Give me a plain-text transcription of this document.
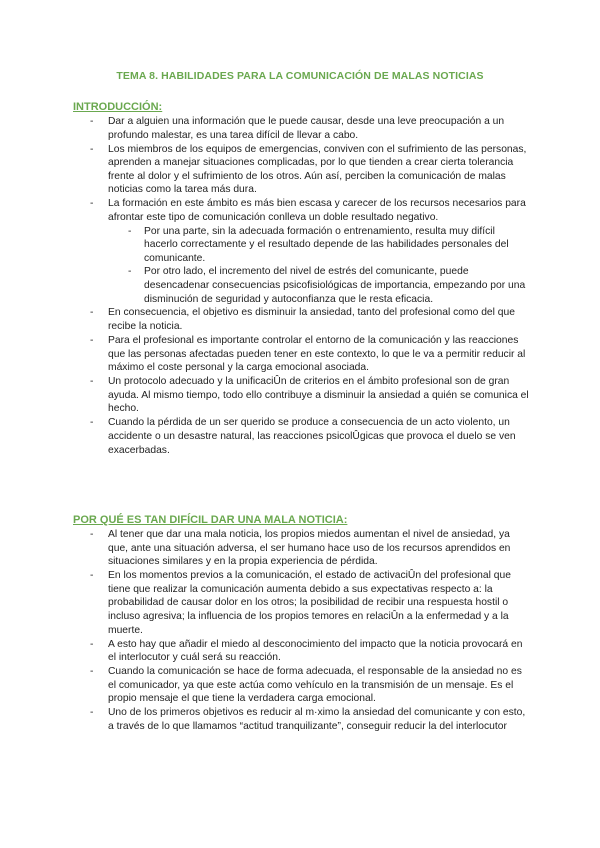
TEMA 8. HABILIDADES PARA LA COMUNICACIÓN DE MALAS NOTICIAS
INTRODUCCIÓN:
- Dar a alguien una información que le puede causar, desde una leve preocupación a un profundo malestar, es una tarea difícil de llevar a cabo.
- Los miembros de los equipos de emergencias, conviven con el sufrimiento de las personas, aprenden a manejar situaciones complicadas, por lo que tienden a crear cierta tolerancia frente al dolor y el sufrimiento de los otros. Aún así, perciben la comunicación de malas noticias como la tarea más dura.
- La formación en este ámbito es más bien escasa y carecer de los recursos necesarios para afrontar este tipo de comunicación conlleva un doble resultado negativo.
- Por una parte, sin la adecuada formación o entrenamiento, resulta muy difícil hacerlo correctamente y el resultado depende de las habilidades personales del comunicante.
- Por otro lado, el incremento del nivel de estrés del comunicante, puede desencadenar consecuencias psicofisiológicas de importancia, empezando por una disminución de seguridad y autoconfianza que le resta eficacia.
- En consecuencia, el objetivo es disminuir la ansiedad, tanto del profesional como del que recibe la noticia.
- Para el profesional es importante controlar el entorno de la comunicación y las reacciones que las personas afectadas pueden tener en este contexto, lo que le va a permitir reducir al máximo el coste personal y la carga emocional asociada.
- Un protocolo adecuado y la unificaciÛn de criterios en el ámbito profesional son de gran ayuda. Al mismo tiempo, todo ello contribuye a disminuir la ansiedad a quién se comunica el hecho.
- Cuando la pérdida de un ser querido se produce a consecuencia de un acto violento, un accidente o un desastre natural, las reacciones psicolÛgicas que provoca el duelo se ven exacerbadas.
POR QUÉ ES TAN DIFÍCIL DAR UNA MALA NOTICIA:
- Al tener que dar una mala noticia, los propios miedos aumentan el nivel de ansiedad, ya que, ante una situación adversa, el ser humano hace uso de los recursos aprendidos en situaciones similares y en la propia experiencia de pérdida.
- En los momentos previos a la comunicación, el estado de activaciÛn del profesional que tiene que realizar la comunicación aumenta debido a sus expectativas respecto a: la probabilidad de causar dolor en los otros; la posibilidad de recibir una respuesta hostil o incluso agresiva; la influencia de los propios temores en relaciÛn a la enfermedad y a la muerte.
- A esto hay que añadir el miedo al desconocimiento del impacto que la noticia provocará en el interlocutor y cuál será su reacción.
- Cuando la comunicación se hace de forma adecuada, el responsable de la ansiedad no es el comunicador, ya que este actúa como vehículo en la transmisión de un mensaje. Es el propio mensaje el que tiene la verdadera carga emocional.
- Uno de los primeros objetivos es reducir al m·ximo la ansiedad del comunicante y con esto, a través de lo que llamamos “actitud tranquilizante”, conseguir reducir la del interlocutor
